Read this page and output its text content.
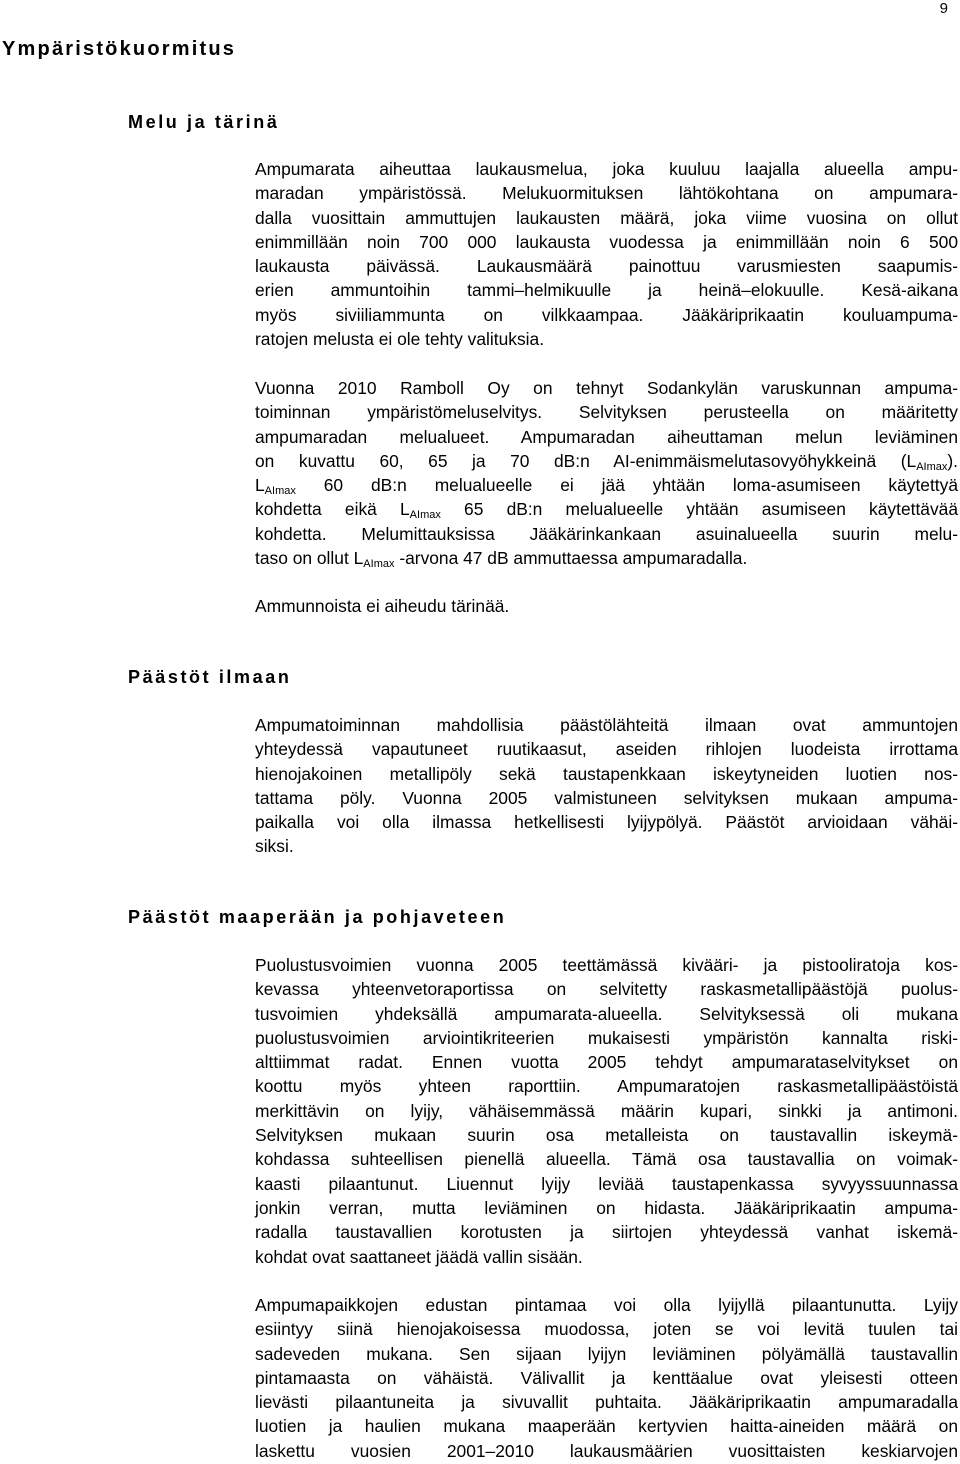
9
Ympäristökuormitus
Melu ja tärinä

Ampumarata aiheuttaa laukausmelua, joka kuuluu laajalla alueella ampu-
maradan ympäristössä. Melukuormituksen lähtökohtana on ampumara-
dalla vuosittain ammuttujen laukausten määrä, joka viime vuosina on ollut
enimmillään noin 700 000 laukausta vuodessa ja enimmillään noin 6 500
laukausta päivässä. Laukausmäärä painottuu varusmiesten saapumis-
erien ammuntoihin tammi–helmikuulle ja heinä–elokuulle. Kesä-aikana
myös siviiliammunta on vilkkaampaa. Jääkäriprikaatin kouluampuma-
ratojen melusta ei ole tehty valituksia.

Vuonna 2010 Ramboll Oy on tehnyt Sodankylän varuskunnan ampuma-
toiminnan ympäristömeluselvitys. Selvityksen perusteella on määritetty
ampumaradan melualueet. Ampumaradan aiheuttaman melun leviäminen
on kuvattu 60, 65 ja 70 dB:n AI-enimmäismelutasovyöhykkeinä $(L_{AImax})$.
$L_{AImax}$ 60 dB:n melualueelle ei jää yhtään loma-asumiseen käytettyä
kohdetta eikä $L_{AImax}$ 65 dB:n melualueelle yhtään asumiseen käytettävää
kohdetta. Melumittauksissa Jääkärinkankaan asuinalueella suurin melu-
taso on ollut $L_{AImax}$ -arvona 47 dB ammuttaessa ampumaradalla.

Ammunnoista ei aiheudu tärinää.

Päästöt ilmaan

Ampumatoiminnan mahdollisia päästölähteitä ilmaan ovat ammuntojen
yhteydessä vapautuneet ruutikaasut, aseiden rihlojen luodeista irrottama
hienojakoinen metallipöly sekä taustapenkkaan iskeytyneiden luotien nos-
tattama pöly. Vuonna 2005 valmistuneen selvityksen mukaan ampuma-
paikalla voi olla ilmassa hetkellisesti lyijypölyä. Päästöt arvioidaan vähäi-
siksi.

Päästöt maaperään ja pohjaveteen

Puolustusvoimien vuonna 2005 teettämässä kivääri- ja pistooliratoja kos-
kevassa yhteenvetoraportissa on selvitetty raskasmetallipäästöjä puolus-
tusvoimien yhdeksällä ampumarata-alueella. Selvityksessä oli mukana
puolustusvoimien arviointikriteerien mukaisesti ympäristön kannalta riski-
alttiimmat radat. Ennen vuotta 2005 tehdyt ampumarataselvitykset on
koottu myös yhteen raporttiin. Ampumaratojen raskasmetallipäästöistä
merkittävin on lyijy, vähäisemmässä määrin kupari, sinkki ja antimoni.
Selvityksen mukaan suurin osa metalleista on taustavallin iskeymä-
kohdassa suhteellisen pienellä alueella. Tämä osa taustavallia on voimak-
kaasti pilaantunut. Liuennut lyijy leviää taustapenkassa syvyyssuunnassa
jonkin verran, mutta leviäminen on hidasta. Jääkäriprikaatin ampuma-
radalla taustavallien korotusten ja siirtojen yhteydessä vanhat iskemä-
kohdat ovat saattaneet jäädä vallin sisään.

Ampumapaikkojen edustan pintamaa voi olla lyijyllä pilaantunutta. Lyijy
esiintyy siinä hienojakoisessa muodossa, joten se voi levitä tuulen tai
sadeveden mukana. Sen sijaan lyijyn leviäminen pölyämällä taustavallin
pintamaasta on vähäistä. Välivallit ja kenttäalue ovat yleisesti otteen
lievästi pilaantuneita ja sivuvallit puhtaita. Jääkäriprikaatin ampumaradalla
luotien ja haulien mukana maaperään kertyvien haitta-aineiden määrä on
laskettu vuosien 2001–2010 laukausmäärien vuosittaisten keskiarvojen
